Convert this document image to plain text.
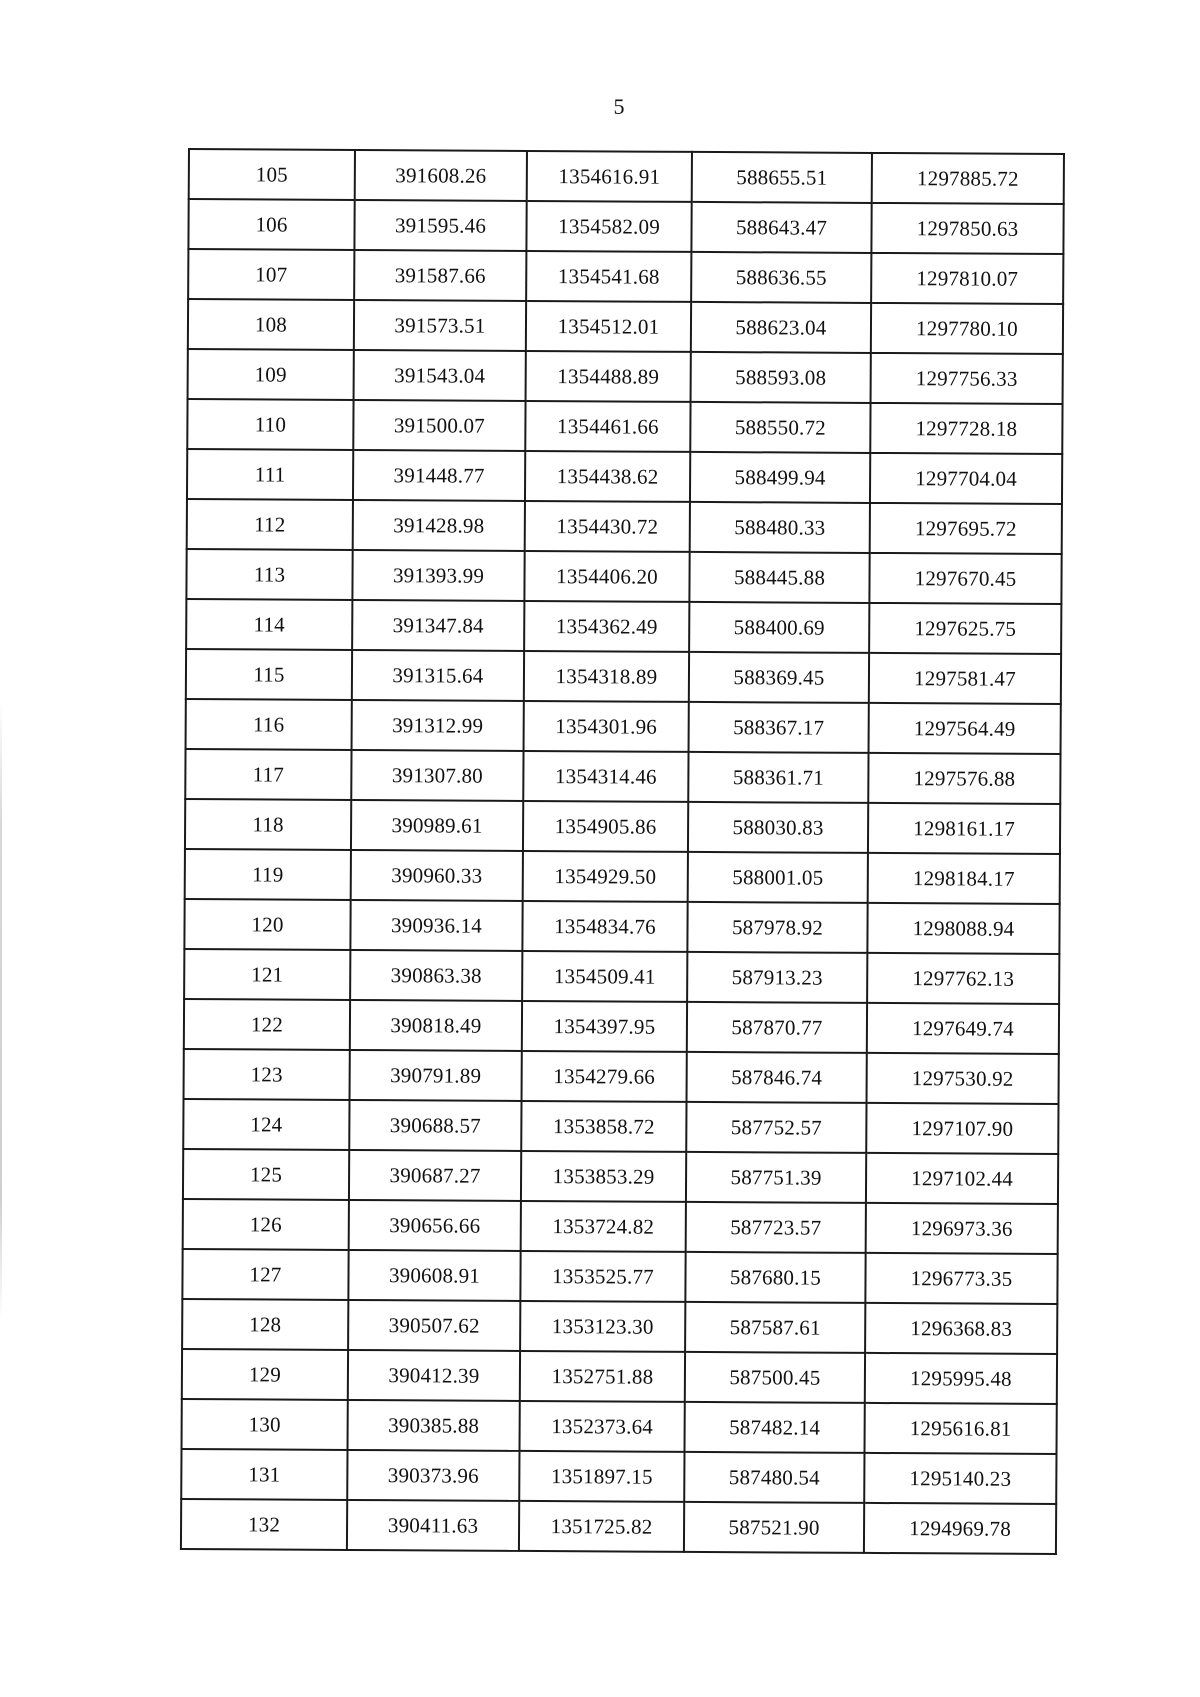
5
105	391608.26	1354616.91	588655.51	1297885.72
106	391595.46	1354582.09	588643.47	1297850.63
107	391587.66	1354541.68	588636.55	1297810.07
108	391573.51	1354512.01	588623.04	1297780.10
109	391543.04	1354488.89	588593.08	1297756.33
110	391500.07	1354461.66	588550.72	1297728.18
111	391448.77	1354438.62	588499.94	1297704.04
112	391428.98	1354430.72	588480.33	1297695.72
113	391393.99	1354406.20	588445.88	1297670.45
114	391347.84	1354362.49	588400.69	1297625.75
115	391315.64	1354318.89	588369.45	1297581.47
116	391312.99	1354301.96	588367.17	1297564.49
117	391307.80	1354314.46	588361.71	1297576.88
118	390989.61	1354905.86	588030.83	1298161.17
119	390960.33	1354929.50	588001.05	1298184.17
120	390936.14	1354834.76	587978.92	1298088.94
121	390863.38	1354509.41	587913.23	1297762.13
122	390818.49	1354397.95	587870.77	1297649.74
123	390791.89	1354279.66	587846.74	1297530.92
124	390688.57	1353858.72	587752.57	1297107.90
125	390687.27	1353853.29	587751.39	1297102.44
126	390656.66	1353724.82	587723.57	1296973.36
127	390608.91	1353525.77	587680.15	1296773.35
128	390507.62	1353123.30	587587.61	1296368.83
129	390412.39	1352751.88	587500.45	1295995.48
130	390385.88	1352373.64	587482.14	1295616.81
131	390373.96	1351897.15	587480.54	1295140.23
132	390411.63	1351725.82	587521.90	1294969.78
